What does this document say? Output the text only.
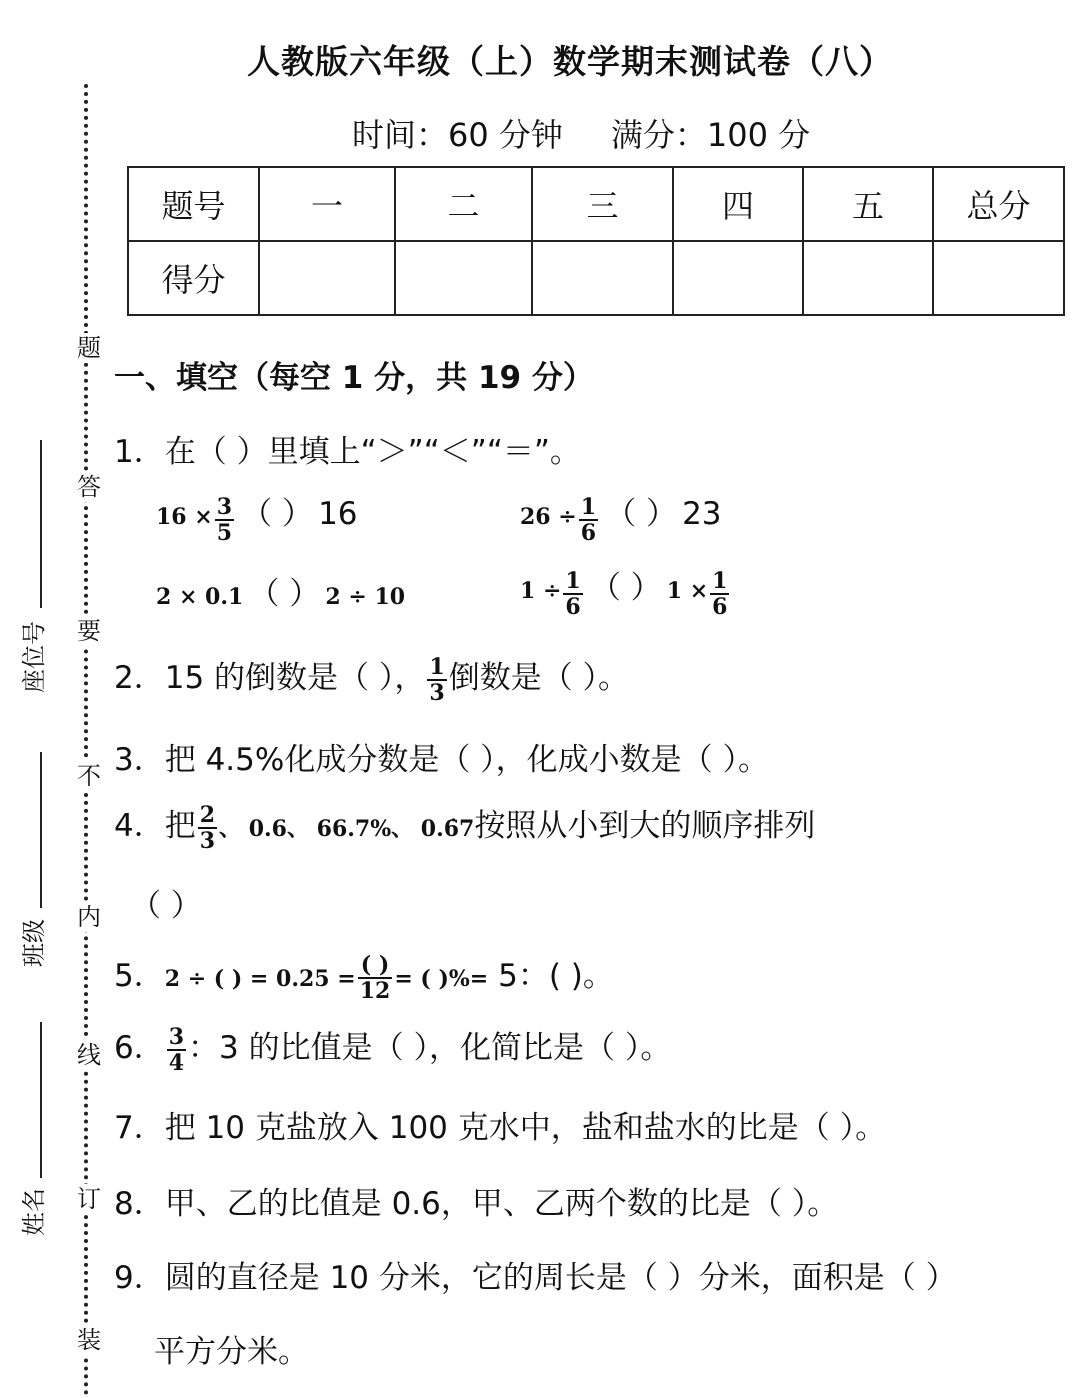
人教版六年级（上）数学期末测试卷（八）
时间：60 分钟 满分：100 分
题号	一	二	三	四	五	总分
得分						
题
答
要
不
内
线
订
装
座位号
班级
姓名
一、填空（每空 1 分，共 19 分）
1．在（ ）里填上“＞”“＜”“＝”。
$16 \times \frac{3}{5}$ （ ） 16	$26 \div \frac{1}{6}$ （ ） 23
2 × 0.1 （ ） 2 ÷ 10	$1 \div \frac{1}{6}$ （ ） $1 \times \frac{1}{6}$
2．15 的倒数是（ ）， $\frac{1}{3}$ 倒数是（ ）。
3．把 4.5%化成分数是（ ），化成小数是（ ）。
4．把 $\frac{2}{3}$ 、 0.6、 66.7%、 0.6̇7按照从小到大的顺序排列
（ ）
5．2 ÷ ( ) = $0.25 = \frac{( )}{12}$ = ( )%= 5：( )。
6． $\frac{3}{4}$ ：3 的比值是（ ），化简比是（ ）。
7．把 10 克盐放入 100 克水中，盐和盐水的比是（ ）。
8．甲、乙的比值是 0.6，甲、乙两个数的比是（ ）。
9．圆的直径是 10 分米，它的周长是（ ）分米，面积是（ ）
平方分米。
